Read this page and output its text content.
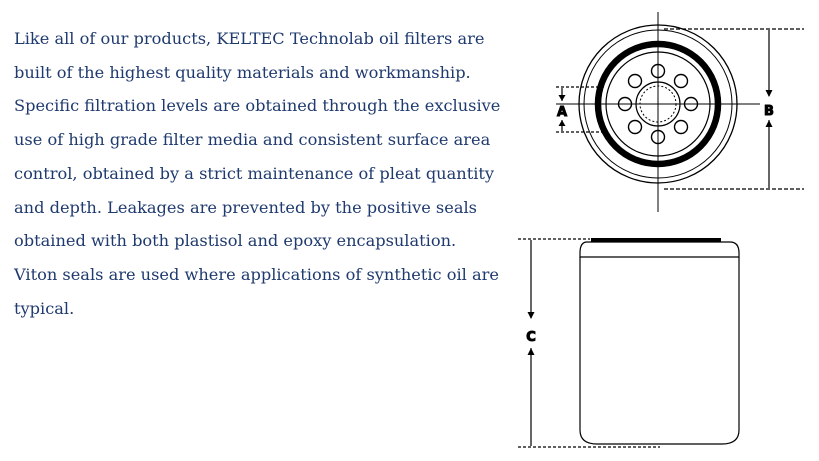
Like all of our products, KELTEC Technolab oil filters are
built of the highest quality materials and workmanship.
Specific filtration levels are obtained through the exclusive
use of high grade filter media and consistent surface area
control, obtained by a strict maintenance of pleat quantity
and depth. Leakages are prevented by the positive seals
obtained with both plastisol and epoxy encapsulation.
Viton seals are used where applications of synthetic oil are
typical.
A	B
C
